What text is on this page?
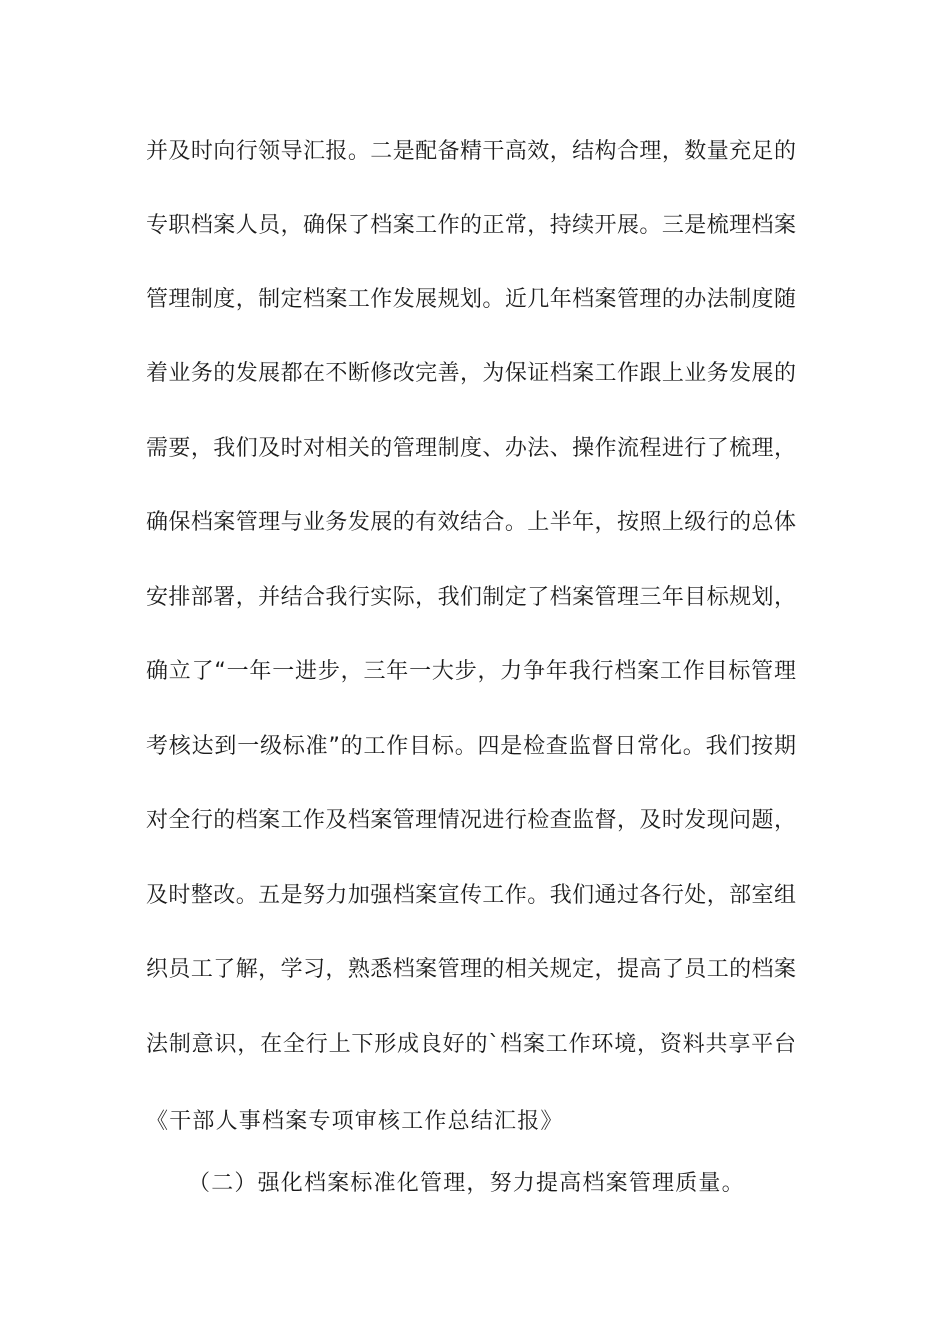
并及时向行领导汇报。二是配备精干高效，结构合理，数量充足的
专职档案人员，确保了档案工作的正常，持续开展。三是梳理档案
管理制度，制定档案工作发展规划。近几年档案管理的办法制度随
着业务的发展都在不断修改完善，为保证档案工作跟上业务发展的
需要，我们及时对相关的管理制度、办法、操作流程进行了梳理，
确保档案管理与业务发展的有效结合。上半年，按照上级行的总体
安排部署，并结合我行实际，我们制定了档案管理三年目标规划，
确立了“一年一进步，三年一大步，力争年我行档案工作目标管理
考核达到一级标准”的工作目标。四是检查监督日常化。我们按期
对全行的档案工作及档案管理情况进行检查监督，及时发现问题，
及时整改。五是努力加强档案宣传工作。我们通过各行处，部室组
织员工了解，学习，熟悉档案管理的相关规定，提高了员工的档案
法制意识，在全行上下形成良好的`档案工作环境，资料共享平台
《干部人事档案专项审核工作总结汇报》
（二）强化档案标准化管理，努力提高档案管理质量。
